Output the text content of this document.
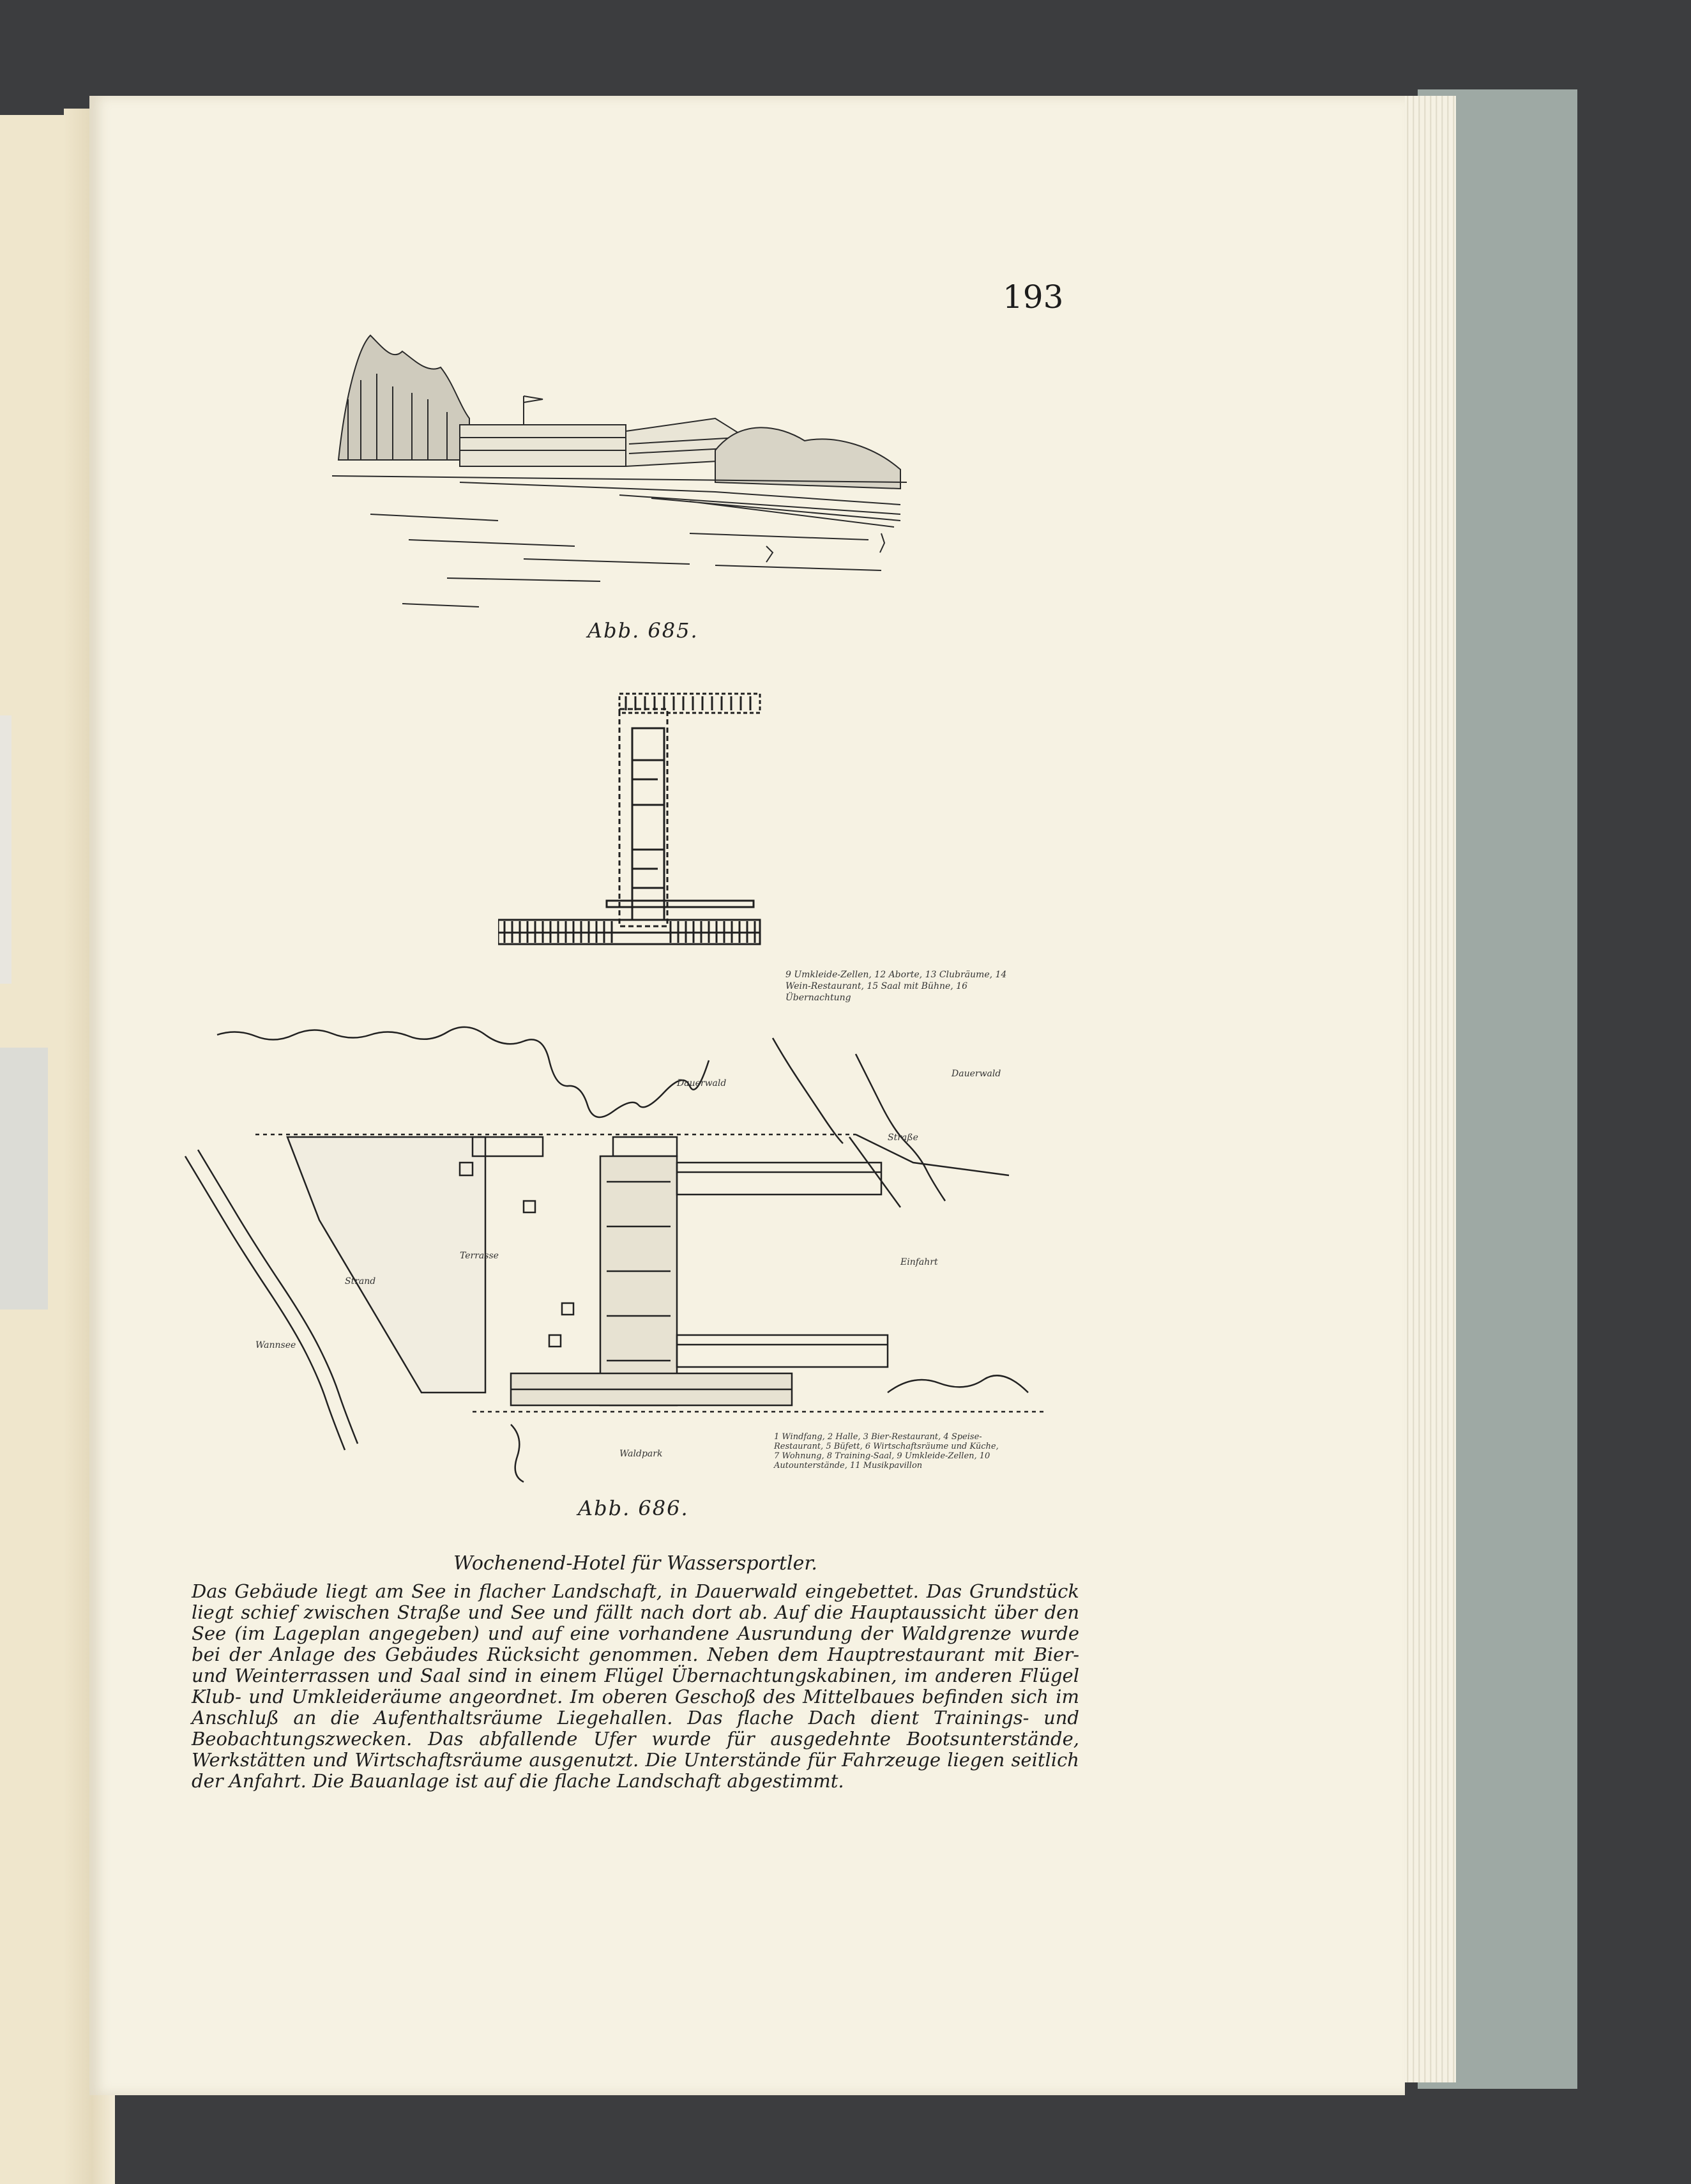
193
Abb. 685.
9 Umkleide-Zellen, 12 Aborte, 13 Clubräume, 14 Wein-Restaurant, 15 Saal mit Bühne, 16 Übernachtung
Dauerwald
Dauerwald
Straße
Terrasse
Strand
Wannsee
Einfahrt
Waldpark
1 Windfang, 2 Halle, 3 Bier-Restaurant, 4 Speise-Restaurant, 5 Büfett, 6 Wirtschaftsräume und Küche, 7 Wohnung, 8 Training-Saal, 9 Umkleide-Zellen, 10 Autounterstände, 11 Musikpavillon
Abb. 686.
Wochenend-Hotel für Wassersportler.
Das Gebäude liegt am See in flacher Landschaft, in Dauerwald eingebettet. Das Grundstück liegt schief zwischen Straße und See und fällt nach dort ab. Auf die Hauptaussicht über den See (im Lageplan angegeben) und auf eine vorhandene Ausrundung der Waldgrenze wurde bei der Anlage des Gebäudes Rücksicht genommen. Neben dem Hauptrestaurant mit Bier- und Weinterrassen und Saal sind in einem Flügel Übernachtungskabinen, im anderen Flügel Klub- und Umkleideräume angeordnet. Im oberen Geschoß des Mittelbaues befinden sich im Anschluß an die Aufenthaltsräume Liegehallen. Das flache Dach dient Trainings- und Beobachtungszwecken. Das abfallende Ufer wurde für ausgedehnte Bootsunterstände, Werkstätten und Wirtschaftsräume ausgenutzt. Die Unterstände für Fahrzeuge liegen seitlich der Anfahrt. Die Bauanlage ist auf die flache Landschaft abgestimmt.
